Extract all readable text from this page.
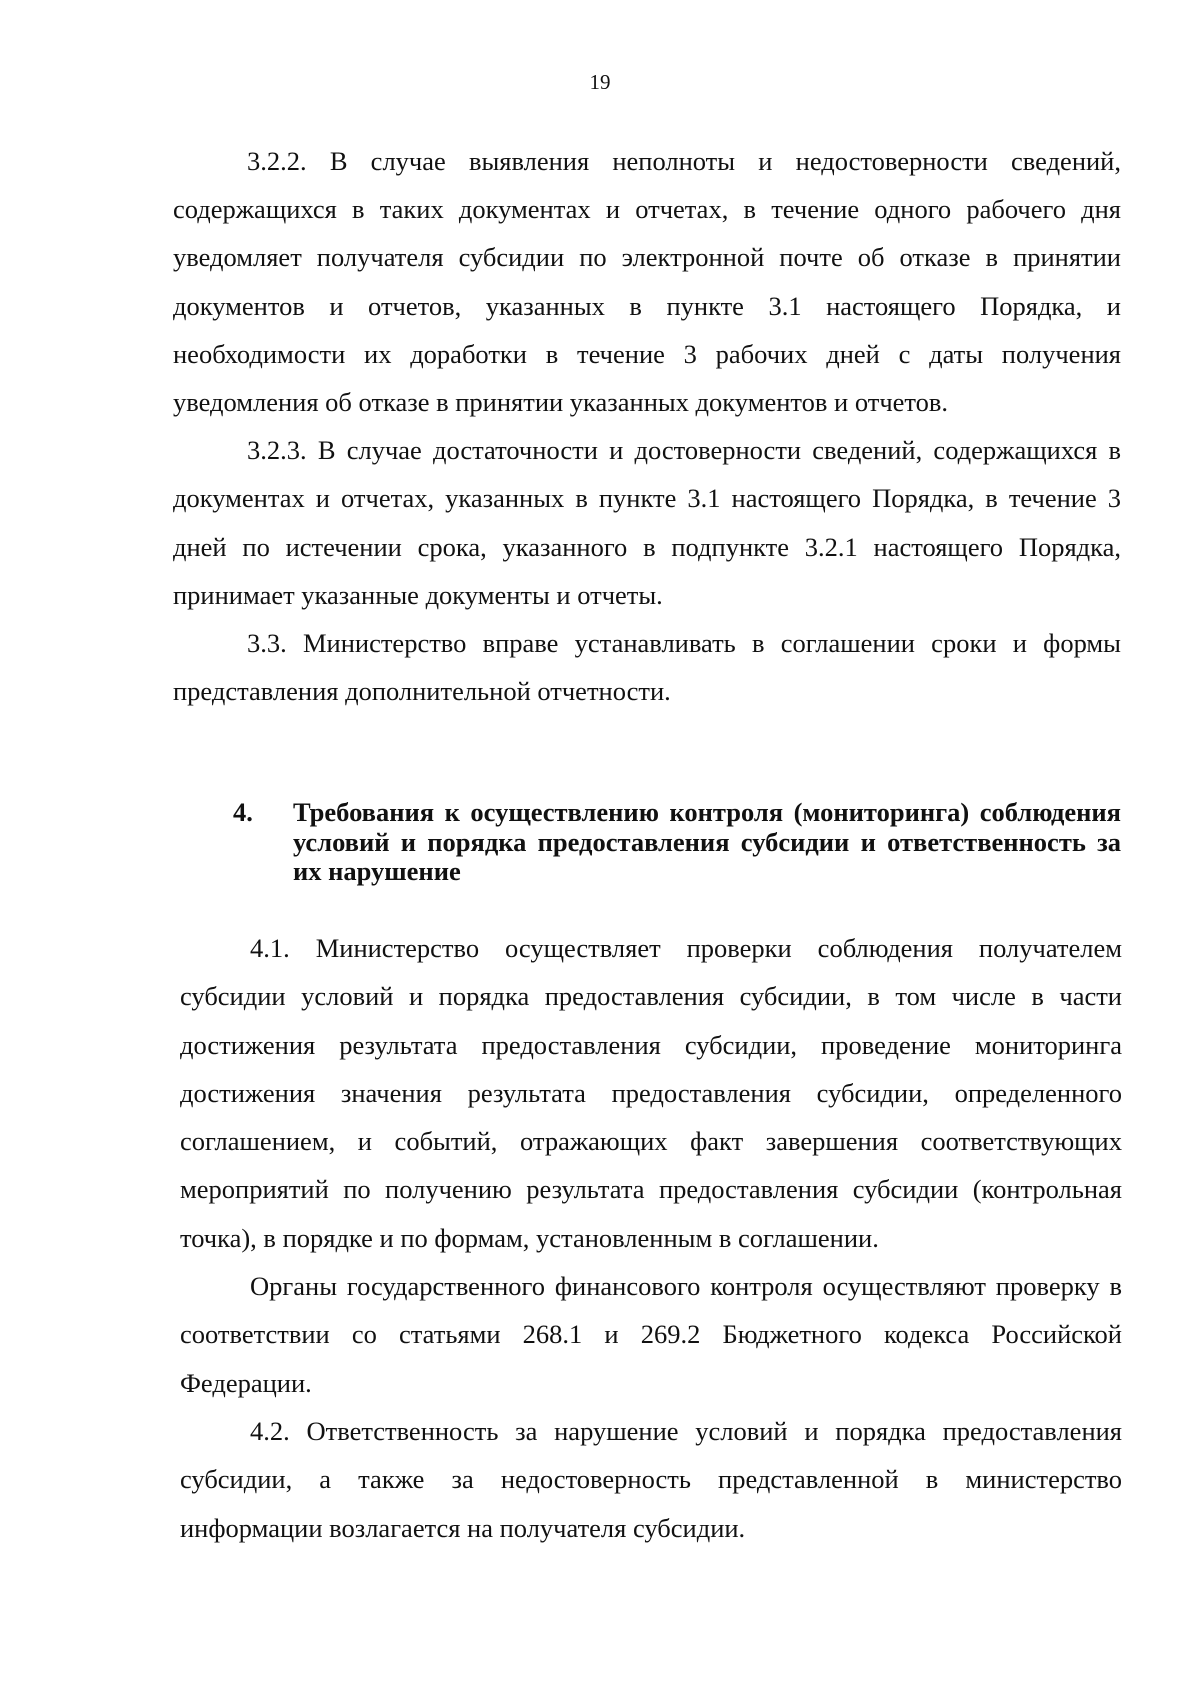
19

3.2.2. В случае выявления неполноты и недостоверности сведений, содержащихся в таких документах и отчетах, в течение одного рабочего дня уведомляет получателя субсидии по электронной почте об отказе в принятии документов и отчетов, указанных в пункте 3.1 настоящего Порядка, и необходимости их доработки в течение 3 рабочих дней с даты получения уведомления об отказе в принятии указанных документов и отчетов.

3.2.3. В случае достаточности и достоверности сведений, содержащихся в документах и отчетах, указанных в пункте 3.1 настоящего Порядка, в течение 3 дней по истечении срока, указанного в подпункте 3.2.1 настоящего Порядка, принимает указанные документы и отчеты.

3.3. Министерство вправе устанавливать в соглашении сроки и формы представления дополнительной отчетности.

4. Требования к осуществлению контроля (мониторинга) соблюдения условий и порядка предоставления субсидии и ответственность за их нарушение

4.1. Министерство осуществляет проверки соблюдения получателем субсидии условий и порядка предоставления субсидии, в том числе в части достижения результата предоставления субсидии, проведение мониторинга достижения значения результата предоставления субсидии, определенного соглашением, и событий, отражающих факт завершения соответствующих мероприятий по получению результата предоставления субсидии (контрольная точка), в порядке и по формам, установленным в соглашении.

Органы государственного финансового контроля осуществляют проверку в соответствии со статьями 268.1 и 269.2 Бюджетного кодекса Российской Федерации.

4.2. Ответственность за нарушение условий и порядка предоставления субсидии, а также за недостоверность представленной в министерство информации возлагается на получателя субсидии.
